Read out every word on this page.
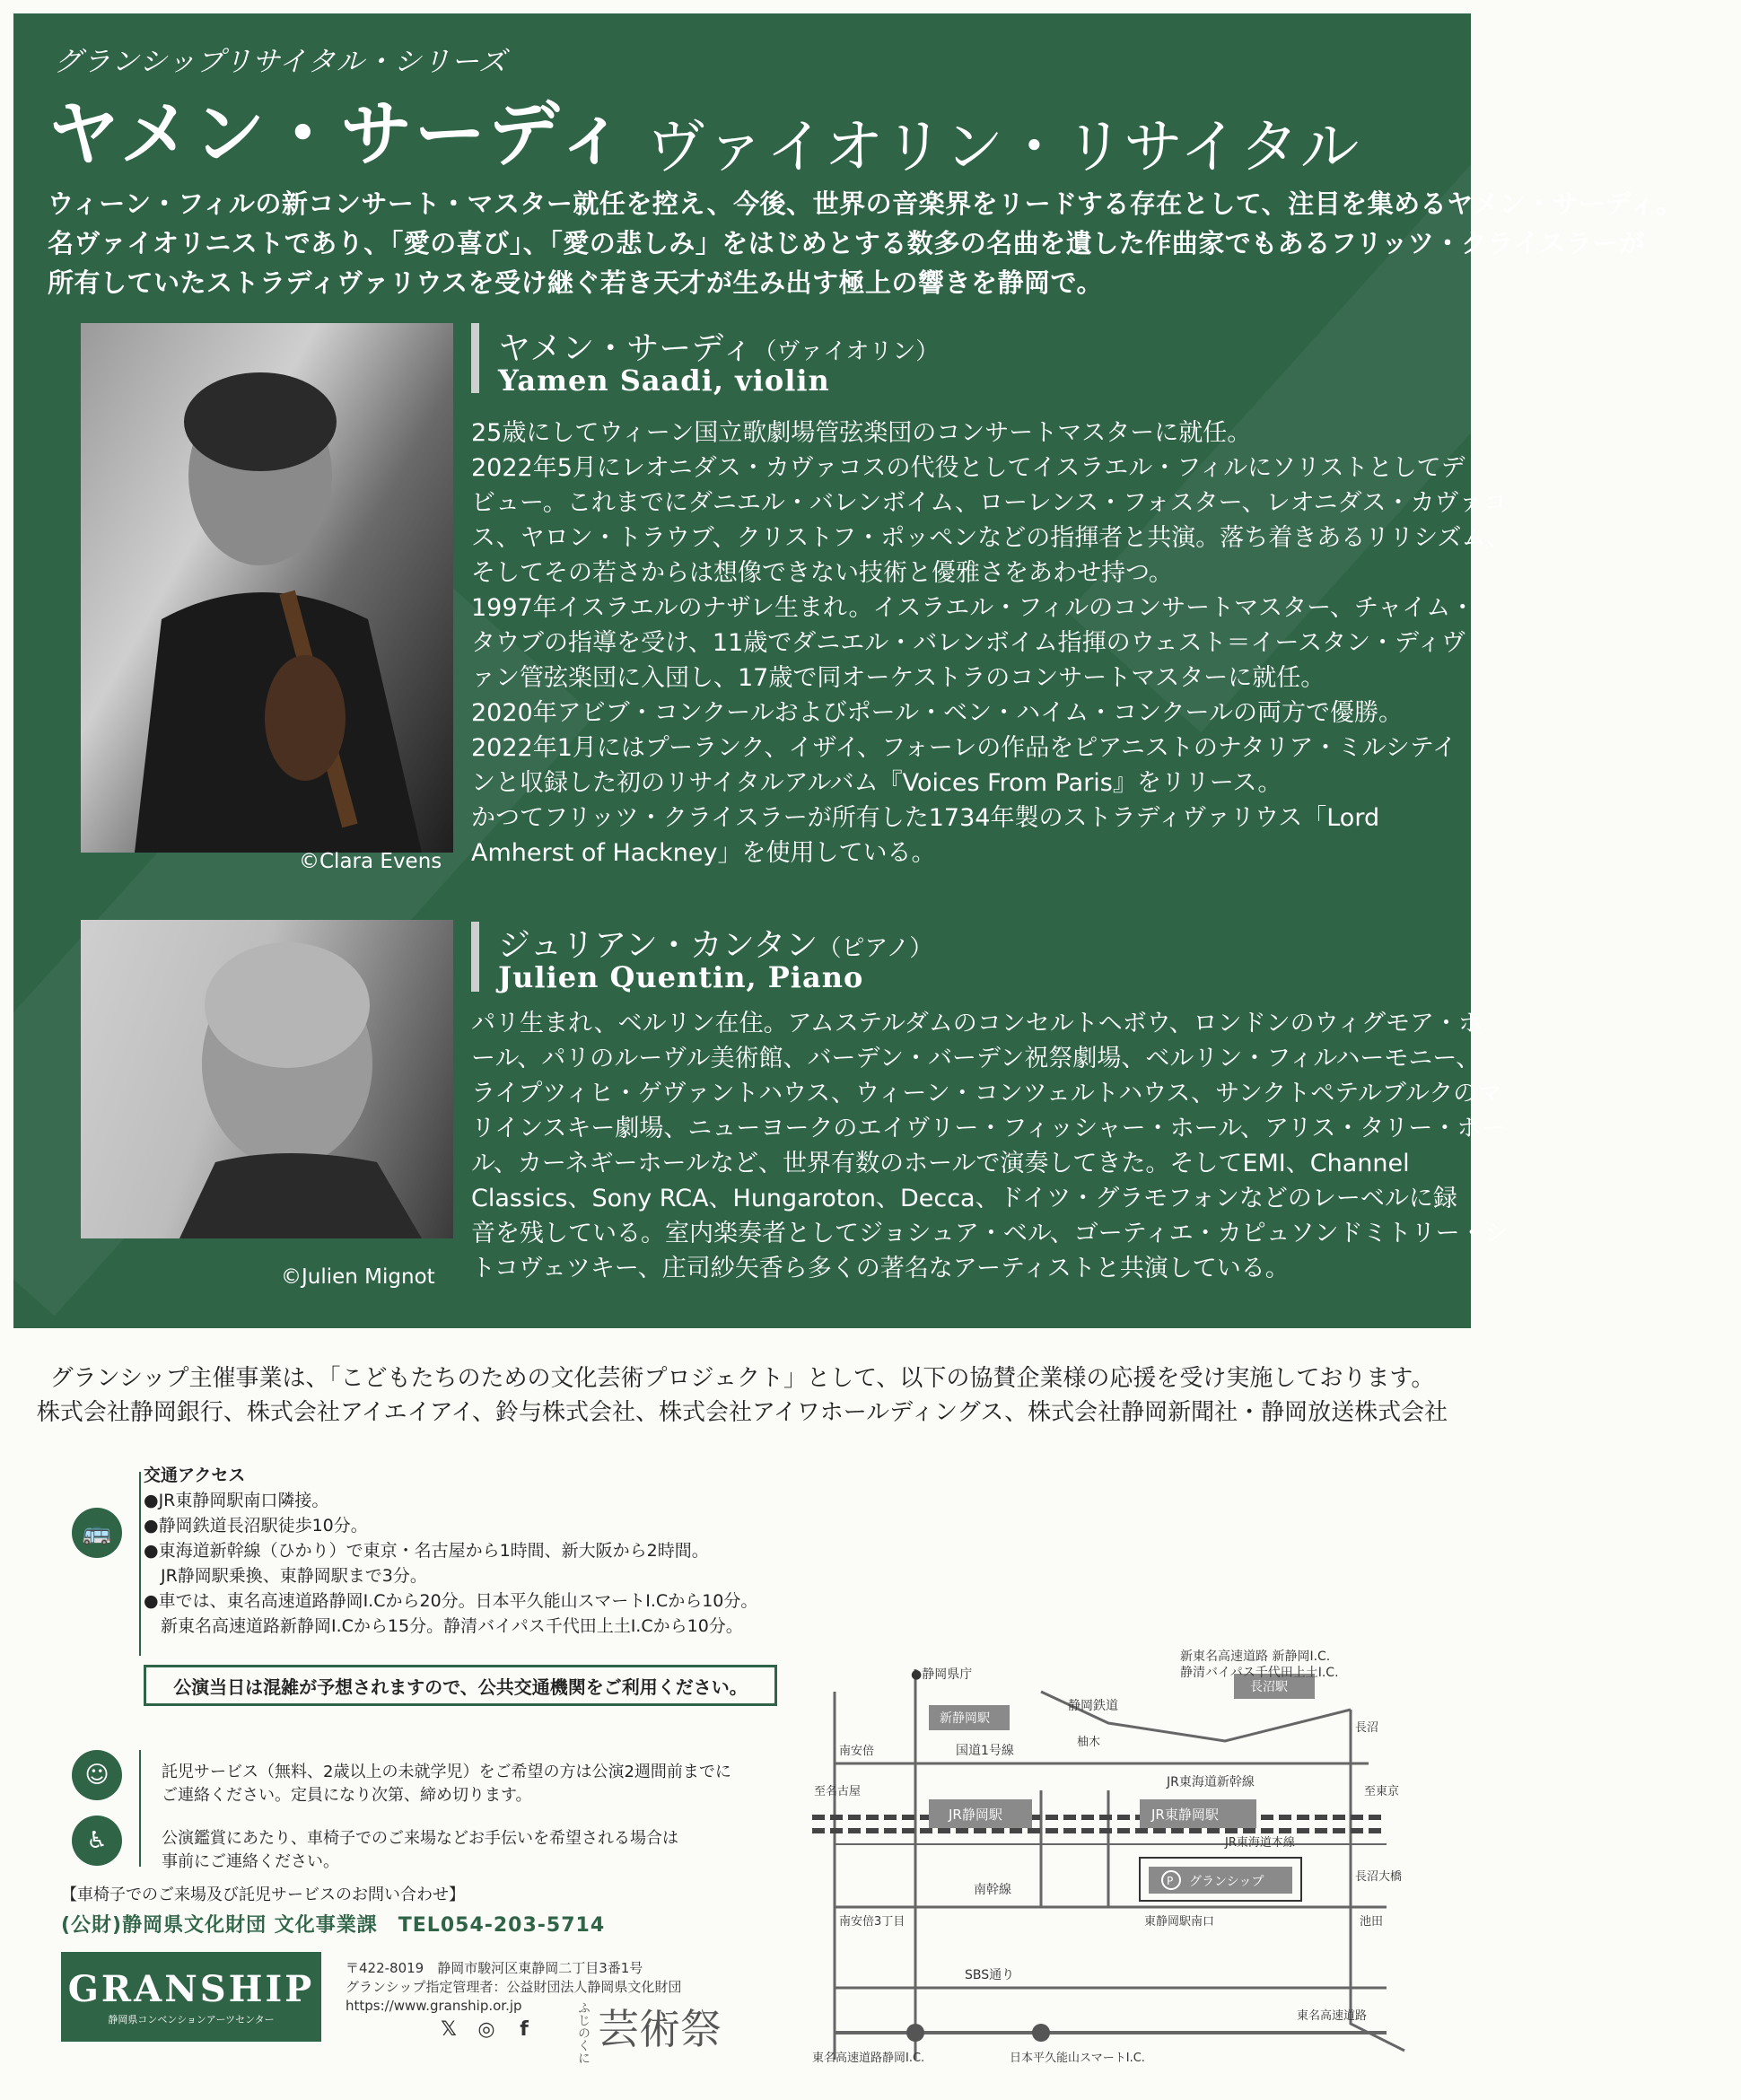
グランシップリサイタル・シリーズ
ヤメン・サーディ ヴァイオリン・リサイタル
ウィーン・フィルの新コンサート・マスター就任を控え、今後、世界の音楽界をリードする存在として、注目を集めるヤメン・サーディ。
名ヴァイオリニストであり、「愛の喜び」、「愛の悲しみ」をはじめとする数多の名曲を遺した作曲家でもあるフリッツ・クライスラーが
所有していたストラディヴァリウスを受け継ぐ若き天才が生み出す極上の響きを静岡で。
©Clara Evens
ヤメン・サーディ（ヴァイオリン）
Yamen Saadi, violin
25歳にしてウィーン国立歌劇場管弦楽団のコンサートマスターに就任。
2022年5月にレオニダス・カヴァコスの代役としてイスラエル・フィルにソリストとしてデ
ビュー。これまでにダニエル・バレンボイム、ローレンス・フォスター、レオニダス・カヴァコ
ス、ヤロン・トラウブ、クリストフ・ポッペンなどの指揮者と共演。落ち着きあるリリシズム、
そしてその若さからは想像できない技術と優雅さをあわせ持つ。
1997年イスラエルのナザレ生まれ。イスラエル・フィルのコンサートマスター、チャイム・
タウブの指導を受け、11歳でダニエル・バレンボイム指揮のウェスト＝イースタン・ディヴ
ァン管弦楽団に入団し、17歳で同オーケストラのコンサートマスターに就任。
2020年アビブ・コンクールおよびポール・ベン・ハイム・コンクールの両方で優勝。
2022年1月にはプーランク、イザイ、フォーレの作品をピアニストのナタリア・ミルシテイ
ンと収録した初のリサイタルアルバム『Voices From Paris』をリリース。
かつてフリッツ・クライスラーが所有した1734年製のストラディヴァリウス「Lord
Amherst of Hackney」を使用している。
©Julien Mignot
ジュリアン・カンタン（ピアノ）
Julien Quentin, Piano
パリ生まれ、ベルリン在住。アムステルダムのコンセルトヘボウ、ロンドンのウィグモア・ホ
ール、パリのルーヴル美術館、バーデン・バーデン祝祭劇場、ベルリン・フィルハーモニー、
ライプツィヒ・ゲヴァントハウス、ウィーン・コンツェルトハウス、サンクトペテルブルクのマ
リインスキー劇場、ニューヨークのエイヴリー・フィッシャー・ホール、アリス・タリー・ホー
ル、カーネギーホールなど、世界有数のホールで演奏してきた。そしてEMI、Channel
Classics、Sony RCA、Hungaroton、Decca、ドイツ・グラモフォンなどのレーベルに録
音を残している。室内楽奏者としてジョシュア・ベル、ゴーティエ・カピュソンドミトリー・シ
トコヴェツキー、庄司紗矢香ら多くの著名なアーティストと共演している。
グランシップ主催事業は、「こどもたちのための文化芸術プロジェクト」として、以下の協賛企業様の応援を受け実施しております。
株式会社静岡銀行、株式会社アイエイアイ、鈴与株式会社、株式会社アイワホールディングス、株式会社静岡新聞社・静岡放送株式会社
🚌
交通アクセス
●JR東静岡駅南口隣接。
●静岡鉄道長沼駅徒歩10分。
●東海道新幹線（ひかり）で東京・名古屋から1時間、新大阪から2時間。
　JR静岡駅乗換、東静岡駅まで3分。
●車では、東名高速道路静岡I.Cから20分。日本平久能山スマートI.Cから10分。
　新東名高速道路新静岡I.Cから15分。静清バイパス千代田上土I.Cから10分。
公演当日は混雑が予想されますので、公共交通機関をご利用ください。
☺	託児サービス（無料、2歳以上の未就学児）をご希望の方は公演2週間前までに
ご連絡ください。定員になり次第、締め切ります。
♿	公演鑑賞にあたり、車椅子でのご来場などお手伝いを希望される場合は
事前にご連絡ください。
【車椅子でのご来場及び託児サービスのお問い合わせ】
(公財)静岡県文化財団 文化事業課　TEL054-203-5714
GRANSHIP
静岡県コンベンションアーツセンター
〒422-8019　静岡市駿河区東静岡二丁目3番1号
グランシップ指定管理者：公益財団法人静岡県文化財団
https://www.granship.or.jp
𝕏 ◎	f	ふじのくに 芸術祭
●静岡県庁
新東名高速道路 新静岡I.C.
静清バイパス千代田上土I.C.
静岡鉄道
新静岡駅
長沼駅
長沼
南安倍	国道1号線
柚木
JR東海道新幹線
至名古屋	至東京
JR静岡駅	JR東静岡駅
JR東海道本線
長沼大橋
グランシップ
P
南幹線
南安倍3丁目	東静岡駅南口	池田
SBS通り
東名高速道路
東名高速道路静岡I.C.	日本平久能山スマートI.C.
